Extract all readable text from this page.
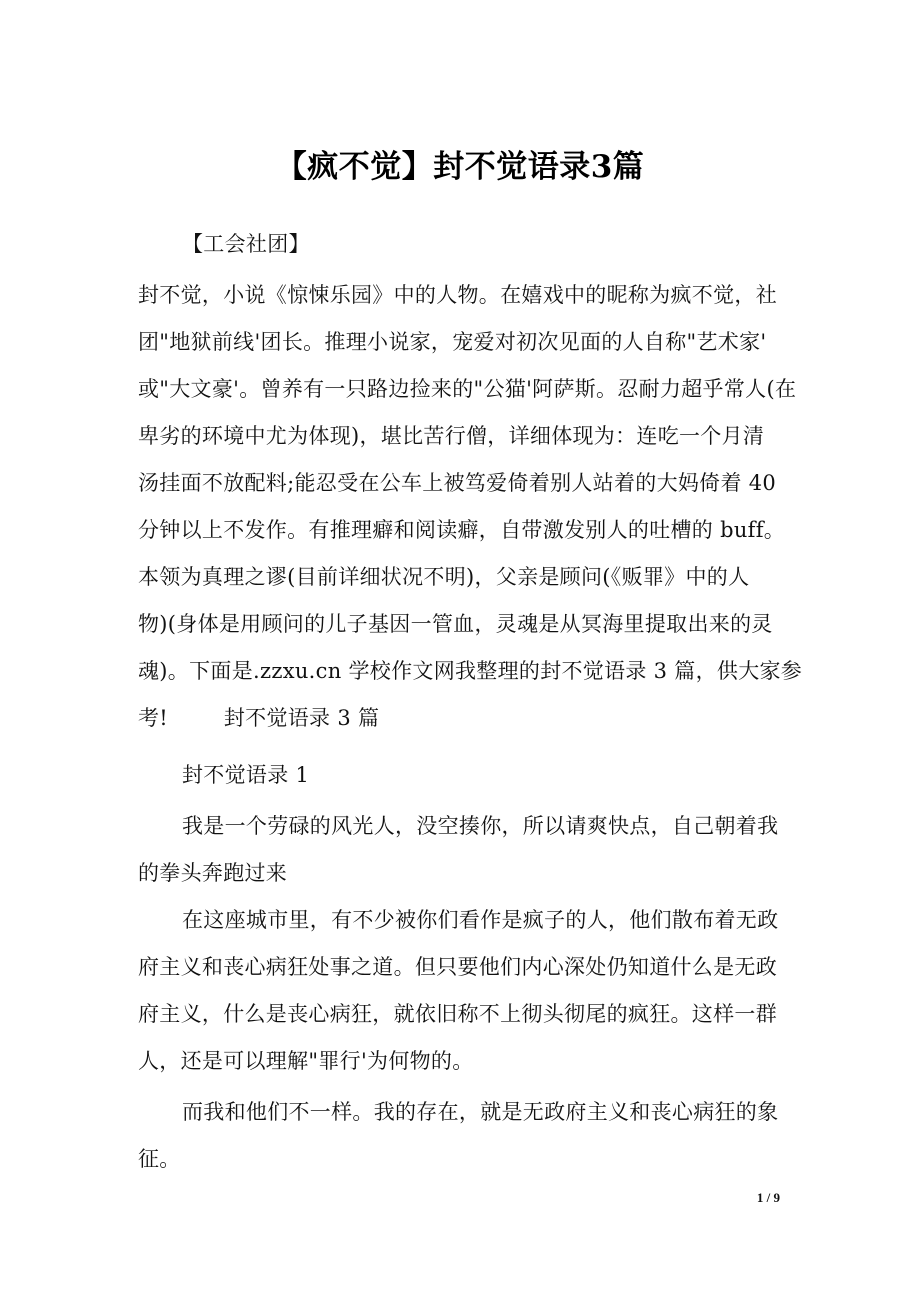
【疯不觉】封不觉语录3篇
【工会社团】
封不觉，小说《惊悚乐园》中的人物。在嬉戏中的昵称为疯不觉，社
团"地狱前线'团长。推理小说家，宠爱对初次见面的人自称"艺术家'
或"大文豪'。曾养有一只路边捡来的"公猫'阿萨斯。忍耐力超乎常人(在
卑劣的环境中尤为体现)，堪比苦行僧，详细体现为：连吃一个月清
汤挂面不放配料;能忍受在公车上被笃爱倚着别人站着的大妈倚着 40
分钟以上不发作。有推理癖和阅读癖，自带激发别人的吐槽的 buff。
本领为真理之谬(目前详细状况不明)，父亲是顾问(《贩罪》中的人
物)(身体是用顾问的儿子基因一管血，灵魂是从冥海里提取出来的灵
魂)。下面是.zzxu.cn 学校作文网我整理的封不觉语录 3 篇，供大家参
考!        封不觉语录 3 篇
封不觉语录 1
我是一个劳碌的风光人，没空揍你，所以请爽快点，自己朝着我
的拳头奔跑过来
在这座城市里，有不少被你们看作是疯子的人，他们散布着无政
府主义和丧心病狂处事之道。但只要他们内心深处仍知道什么是无政
府主义，什么是丧心病狂，就依旧称不上彻头彻尾的疯狂。这样一群
人，还是可以理解"罪行'为何物的。
而我和他们不一样。我的存在，就是无政府主义和丧心病狂的象
征。
1 / 9
